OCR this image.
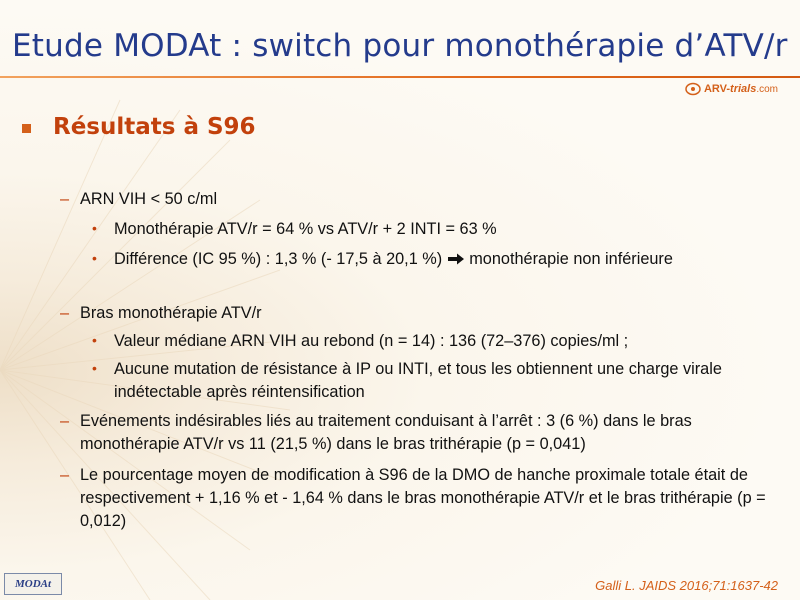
Etude MODAt : switch pour monothérapie d’ATV/r
ARV-trials.com
Résultats à S96
– ARN VIH < 50 c/ml
•	Monothérapie ATV/r = 64 % vs ATV/r + 2 INTI = 63 %
•	Différence (IC 95 %) : 1,3 % (- 17,5 à 20,1 %) monothérapie non inférieure
– Bras monothérapie ATV/r
•	Valeur médiane ARN VIH au rebond (n = 14) : 136 (72–376) copies/ml ;
•	Aucune mutation de résistance à IP ou INTI, et tous les obtiennent une charge virale indétectable après réintensification
– Evénements indésirables liés au traitement conduisant à l’arrêt : 3 (6 %) dans le bras monothérapie ATV/r vs 11 (21,5 %) dans le bras trithérapie (p = 0,041)
– Le pourcentage moyen de modification à S96 de la DMO de hanche proximale totale était de respectivement + 1,16 % et - 1,64 % dans le bras monothérapie ATV/r et le bras trithérapie (p = 0,012)
MODAt	Galli L. JAIDS 2016;71:1637-42
